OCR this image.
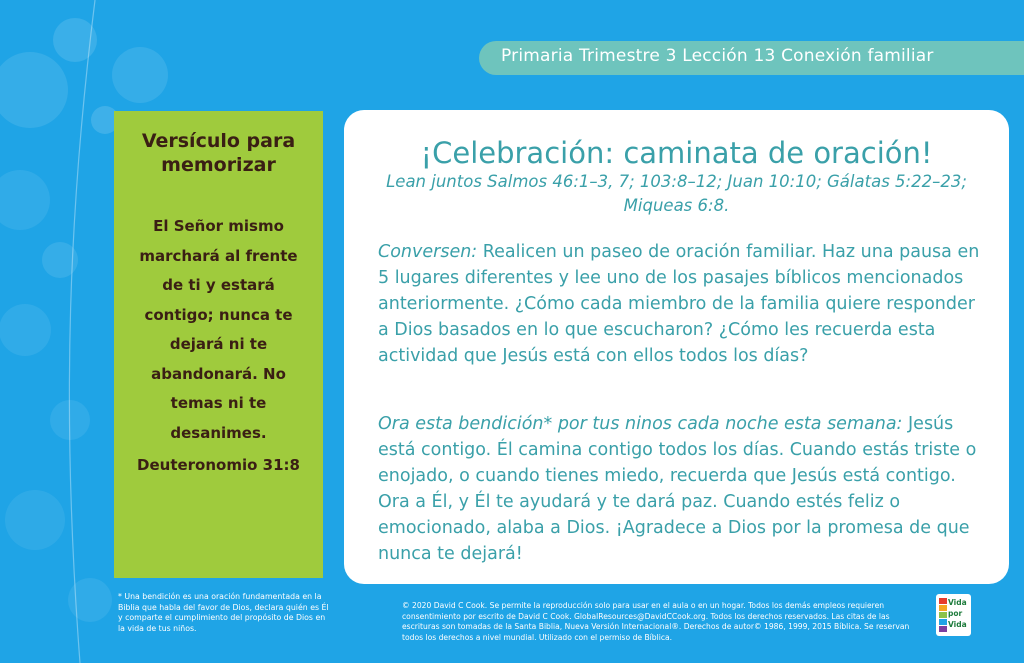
Primaria Trimestre 3 Lección 13 Conexión familiar
Versículo para memorizar
El Señor mismo marchará al frente de ti y estará contigo; nunca te dejará ni te abandonará. No temas ni te desanimes.
Deuteronomio 31:8
¡Celebración: caminata de oración!
Lean juntos Salmos 46:1–3, 7; 103:8–12; Juan 10:10; Gálatas 5:22–23; Miqueas 6:8.
Conversen: Realicen un paseo de oración familiar. Haz una pausa en 5 lugares diferentes y lee uno de los pasajes bíblicos mencionados anteriormente. ¿Cómo cada miembro de la familia quiere responder a Dios basados en lo que escucharon? ¿Cómo les recuerda esta actividad que Jesús está con ellos todos los días?
Ora esta bendición* por tus ninos cada noche esta semana: Jesús está contigo. Él camina contigo todos los días. Cuando estás triste o enojado, o cuando tienes miedo, recuerda que Jesús está contigo. Ora a Él, y Él te ayudará y te dará paz. Cuando estés feliz o emocionado, alaba a Dios. ¡Agradece a Dios por la promesa de que nunca te dejará!
* Una bendición es una oración fundamentada en la Biblia que habla del favor de Dios, declara quién es Él y comparte el cumplimiento del propósito de Dios en la vida de tus niños.
© 2020 David C Cook. Se permite la reproducción solo para usar en el aula o en un hogar. Todos los demás empleos requieren consentimiento por escrito de David C Cook. GlobalResources@DavidCCook.org. Todos los derechos reservados. Las citas de las escrituras son tomadas de la Santa Biblia, Nueva Versión Internacional®. Derechos de autor© 1986, 1999, 2015 Bíblica. Se reservan todos los derechos a nivel mundial. Utilizado con el permiso de Bíblica.
Vida
por
Vida
